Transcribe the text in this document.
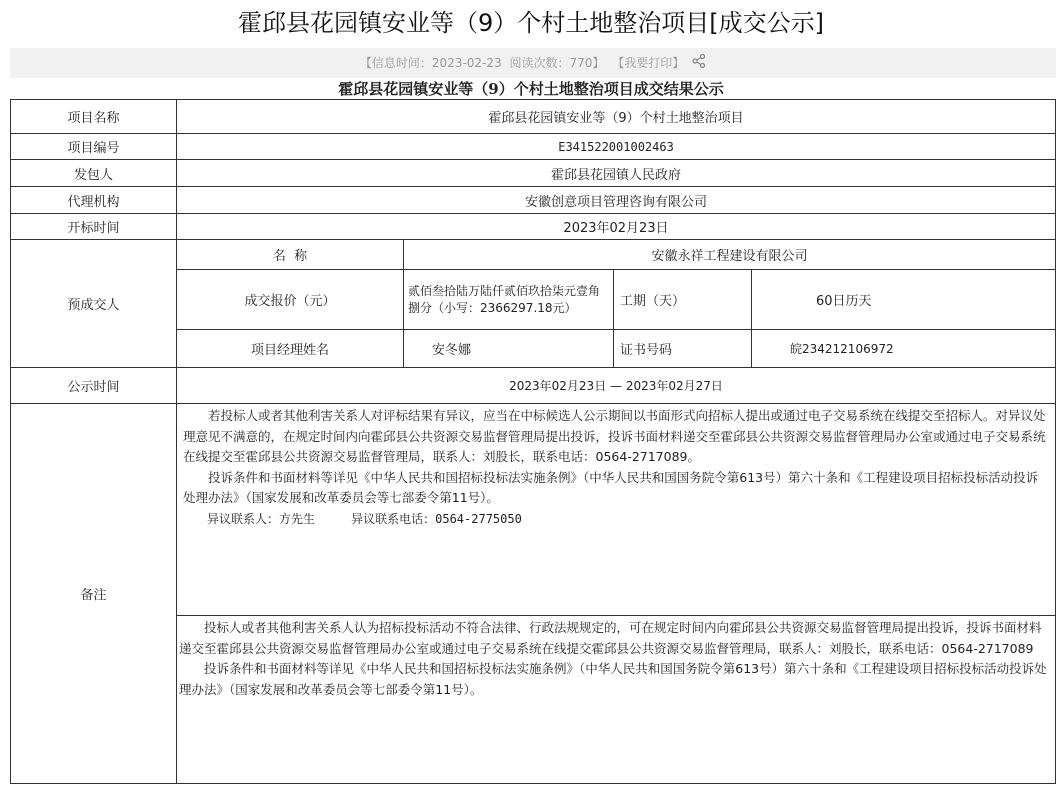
霍邱县花园镇安业等（9）个村土地整治项目[成交公示]
【信息时间：2023-02-23 阅读次数：770】 【我要打印】
霍邱县花园镇安业等（9）个村土地整治项目成交结果公示
项目名称	霍邱县花园镇安业等（9）个村土地整治项目			
项目编号	E341522001002463			
发包人	霍邱县花园镇人民政府			
代理机构	安徽创意项目管理咨询有限公司			
开标时间	2023年02月23日			
预成交人	名  称	安徽永祥工程建设有限公司		
	成交报价（元）	贰佰叁拾陆万陆仟贰佰玖拾柒元壹角捌分（小写：2366297.18元）	工期（天）	60日历天
	项目经理姓名	安冬娜	证书号码	皖234212106972
公示时间	2023年02月23日 — 2023年02月27日			
备注	若投标人或者其他利害关系人对评标结果有异议，应当在中标候选人公示期间以书面形式向招标人提出或通过电子交易系统在线提交至招标人。对异议处理意见不满意的，在规定时间内向霍邱县公共资源交易监督管理局提出投诉，投诉书面材料递交至霍邱县公共资源交易监督管理局办公室或通过电子交易系统在线提交至霍邱县公共资源交易监督管理局，联系人：刘股长，联系电话：0564-2717089。

投诉条件和书面材料等详见《中华人民共和国招标投标法实施条例》（中华人民共和国国务院令第613号）第六十条和《工程建设项目招标投标活动投诉处理办法》（国家发展和改革委员会等七部委令第11号）。

异议联系人：方先生     异议联系电话：0564-2775050			

	投标人或者其他利害关系人认为招标投标活动不符合法律、行政法规规定的，可在规定时间内向霍邱县公共资源交易监督管理局提出投诉，投诉书面材料递交至霍邱县公共资源交易监督管理局办公室或通过电子交易系统在线提交霍邱县公共资源交易监督管理局，联系人：刘股长，联系电话：0564-2717089

投诉条件和书面材料等详见《中华人民共和国招标投标法实施条例》（中华人民共和国国务院令第613号）第六十条和《工程建设项目招标投标活动投诉处理办法》（国家发展和改革委员会等七部委令第11号）。			
